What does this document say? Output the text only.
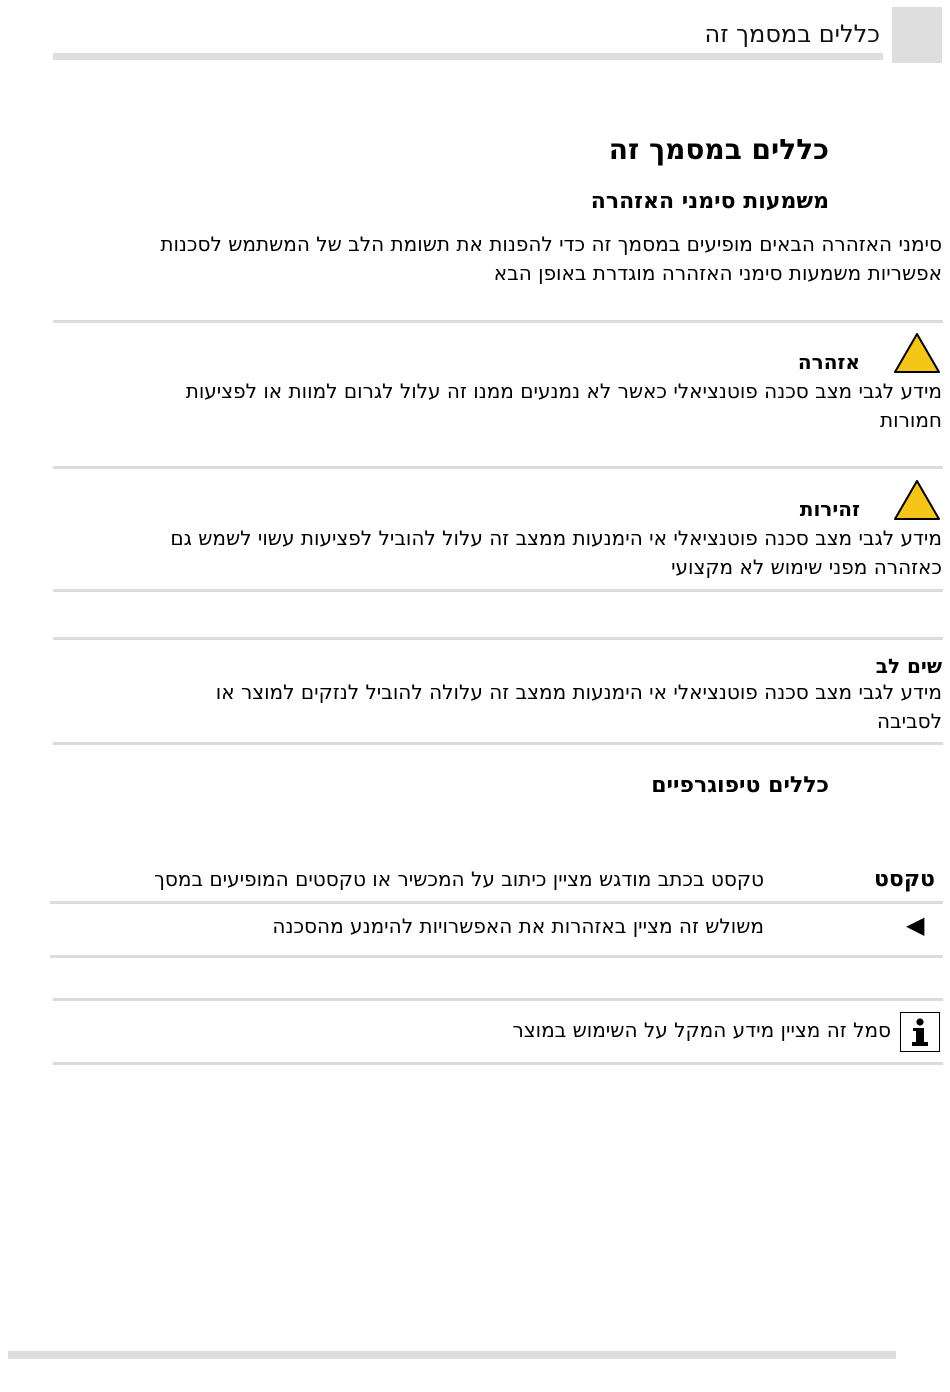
כללים במסמך זה
כללים במסמך זה
משמעות סימני האזהרה
סימני האזהרה הבאים מופיעים במסמך זה כדי להפנות את תשומת הלב של המשתמש לסכנות
אפשריות משמעות סימני האזהרה מוגדרת באופן הבא
אזהרה
מידע לגבי מצב סכנה פוטנציאלי כאשר לא נמנעים ממנו זה עלול לגרום למוות או לפציעות
חמורות
זהירות
מידע לגבי מצב סכנה פוטנציאלי אי הימנעות ממצב זה עלול להוביל לפציעות עשוי לשמש גם
כאזהרה מפני שימוש לא מקצועי
שים לב
מידע לגבי מצב סכנה פוטנציאלי אי הימנעות ממצב זה עלולה להוביל לנזקים למוצר או
לסביבה
כללים טיפוגרפיים
טקסט
טקסט בכתב מודגש מציין כיתוב על המכשיר או טקסטים המופיעים במסך
◀
משולש זה מציין באזהרות את האפשרויות להימנע מהסכנה
סמל זה מציין מידע המקל על השימוש במוצר
